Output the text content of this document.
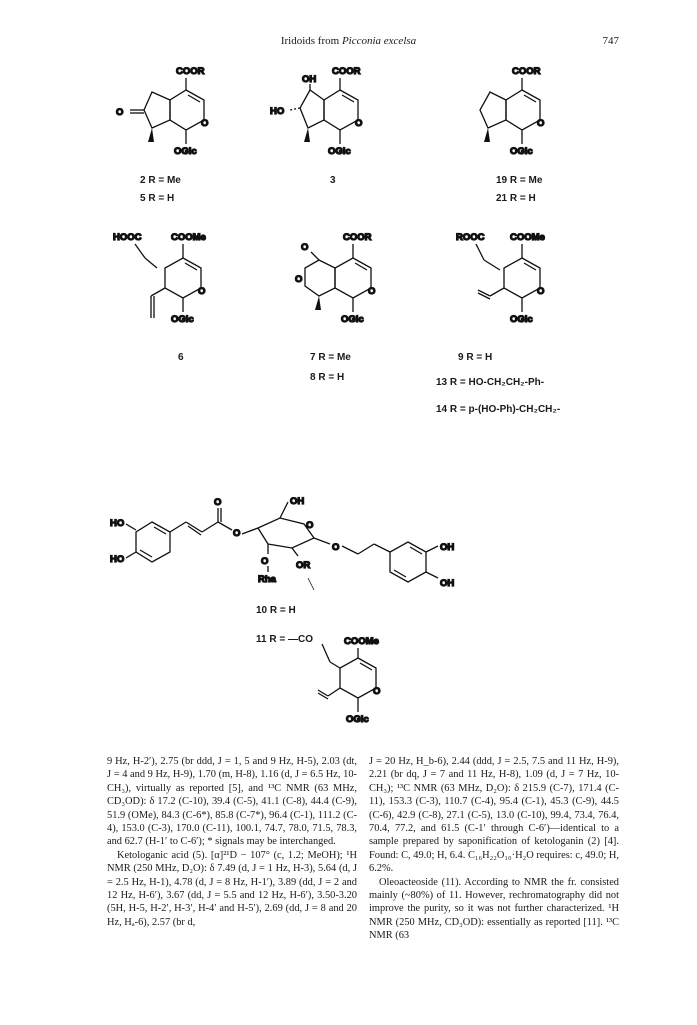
Iridoids from Picconia excelsa	747
COOR
O
OGlc
O
2 R = Me
5 R = H
COOR
OH
HO
OGlc
O
3
COOR
OGlc
O
19 R = Me
21 R = H
HOOC	COOMe
OGlc
O
6
COOR
O
O
OGlc
O
7 R = Me
8 R = H
ROOC	COOMe
OGlc
O
9 R = H
13 R = HO-CH₂CH₂-Ph-
14 R = p-(HO-Ph)-CH₂CH₂-
HO
HO
O
O
OH
O
O
Rha
OR
O	OH
OH
10 R = H
11 R = —CO	COOMe
OGlc
O

9 Hz, H-2′), 2.75 (br ddd, J = 1, 5 and 9 Hz, H-5), 2.03 (dt, J = 4 and 9 Hz, H-9), 1.70 (m, H-8), 1.16 (d, J = 6.5 Hz, 10-CH₃), virtually as reported [5], and ¹³C NMR (63 MHz, CD₃OD): δ 17.2 (C-10), 39.4 (C-5), 41.1 (C-8), 44.4 (C-9), 51.9 (OMe), 84.3 (C-6*), 85.8 (C-7*), 96.4 (C-1), 111.2 (C-4), 153.0 (C-3), 170.0 (C-11), 100.1, 74.7, 78.0, 71.5, 78.3, and 62.7 (H-1′ to C-6′); * signals may be interchanged.

Ketologanic acid (5). [α]²¹D − 107° (c, 1.2; MeOH); ¹H NMR (250 MHz, D₂O): δ 7.49 (d, J = 1 Hz, H-3), 5.64 (d, J = 2.5 Hz, H-1), 4.78 (d, J = 8 Hz, H-1′), 3.89 (dd, J = 2 and 12 Hz, H-6′), 3.67 (dd, J = 5.5 and 12 Hz, H-6′), 3.50-3.20 (5H, H-5, H-2′, H-3′, H-4′ and H-5′), 2.69 (dd, J = 8 and 20 Hz, Hₐ-6), 2.57 (br d,

J = 20 Hz, H_b-6), 2.44 (ddd, J = 2.5, 7.5 and 11 Hz, H-9), 2.21 (br dq, J = 7 and 11 Hz, H-8), 1.09 (d, J = 7 Hz, 10-CH₃); ¹³C NMR (63 MHz, D₂O): δ 215.9 (C-7), 171.4 (C-11), 153.3 (C-3), 110.7 (C-4), 95.4 (C-1), 45.3 (C-9), 44.5 (C-6), 42.9 (C-8), 27.1 (C-5), 13.0 (C-10), 99.4, 73.4, 76.4, 70.4, 77.2, and 61.5 (C-1′ through C-6′)—identical to a sample prepared by saponification of ketologanin (2) [4]. Found: C, 49.0; H, 6.4. C₁₆H₂₂O₁₀·H₂O requires: c, 49.0; H, 6.2%.

Oleoacteoside (11). According to NMR the fr. consisted mainly (~80%) of 11. However, rechromatography did not improve the purity, so it was not further characterized. ¹H NMR (250 MHz, CD₃OD): essentially as reported [11]. ¹³C NMR (63
